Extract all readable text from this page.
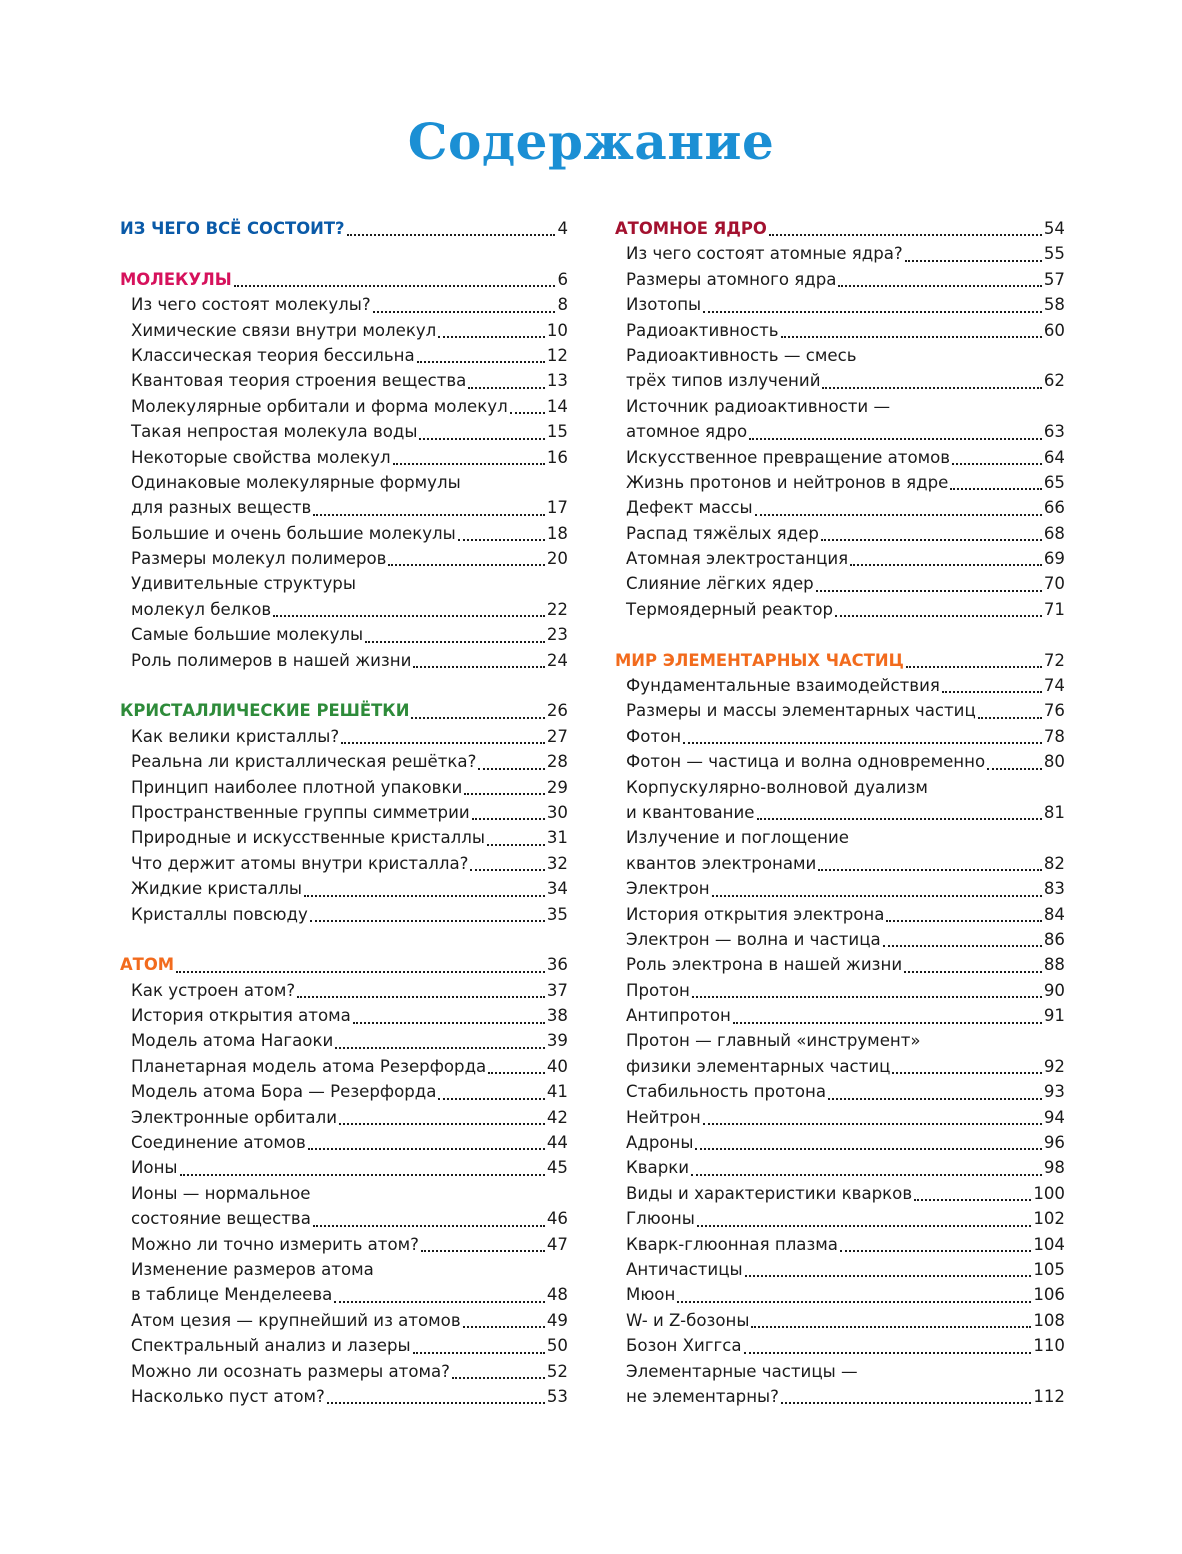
Содержание
ИЗ ЧЕГО ВСЁ СОСТОИТ?	4
МОЛЕКУЛЫ	6
Из чего состоят молекулы?	8
Химические связи внутри молекул	10
Классическая теория бессильна	12
Квантовая теория строения вещества	13
Молекулярные орбитали и форма молекул 14
Такая непростая молекула воды	15
Некоторые свойства молекул	16
Одинаковые молекулярные формулы
для разных веществ	17
Большие и очень большие молекулы	18
Размеры молекул полимеров	20
Удивительные структуры
молекул белков	22
Самые большие молекулы	23
Роль полимеров в нашей жизни	24
КРИСТАЛЛИЧЕСКИЕ РЕШЁТКИ	26
Как велики кристаллы?	27
Реальна ли кристаллическая решётка?	28
Принцип наиболее плотной упаковки	29
Пространственные группы симметрии	30
Природные и искусственные кристаллы	31
Что держит атомы внутри кристалла?	32
Жидкие кристаллы	34
Кристаллы повсюду	35
АТОМ	36
Как устроен атом?	37
История открытия атома	38
Модель атома Нагаоки	39
Планетарная модель атома Резерфорда	40
Модель атома Бора — Резерфорда	41
Электронные орбитали	42
Соединение атомов	44
Ионы	45
Ионы — нормальное
состояние вещества	46
Можно ли точно измерить атом?	47
Изменение размеров атома
в таблице Менделеева	48
Атом цезия — крупнейший из атомов	49
Спектральный анализ и лазеры	50
Можно ли осознать размеры атома?	52
Насколько пуст атом?	53
АТОМНОЕ ЯДРО	54
Из чего состоят атомные ядра?	55
Размеры атомного ядра	57
Изотопы	58
Радиоактивность	60
Радиоактивность — смесь
трёх типов излучений	62
Источник радиоактивности —
атомное ядро	63
Искусственное превращение атомов	64
Жизнь протонов и нейтронов в ядре	65
Дефект массы	66
Распад тяжёлых ядер	68
Атомная электростанция	69
Слияние лёгких ядер	70
Термоядерный реактор	71
МИР ЭЛЕМЕНТАРНЫХ ЧАСТИЦ	72
Фундаментальные взаимодействия	74
Размеры и массы элементарных частиц	76
Фотон	78
Фотон — частица и волна одновременно	80
Корпускулярно-волновой дуализм
и квантование	81
Излучение и поглощение
квантов электронами	82
Электрон	83
История открытия электрона	84
Электрон — волна и частица	86
Роль электрона в нашей жизни	88
Протон	90
Антипротон	91
Протон — главный «инструмент»
физики элементарных частиц	92
Стабильность протона	93
Нейтрон	94
Адроны	96
Кварки	98
Виды и характеристики кварков	100
Глюоны	102
Кварк-глюонная плазма	104
Античастицы	105
Мюон	106
W- и Z-бозоны	108
Бозон Хиггса	110
Элементарные частицы —
не элементарны?	112
